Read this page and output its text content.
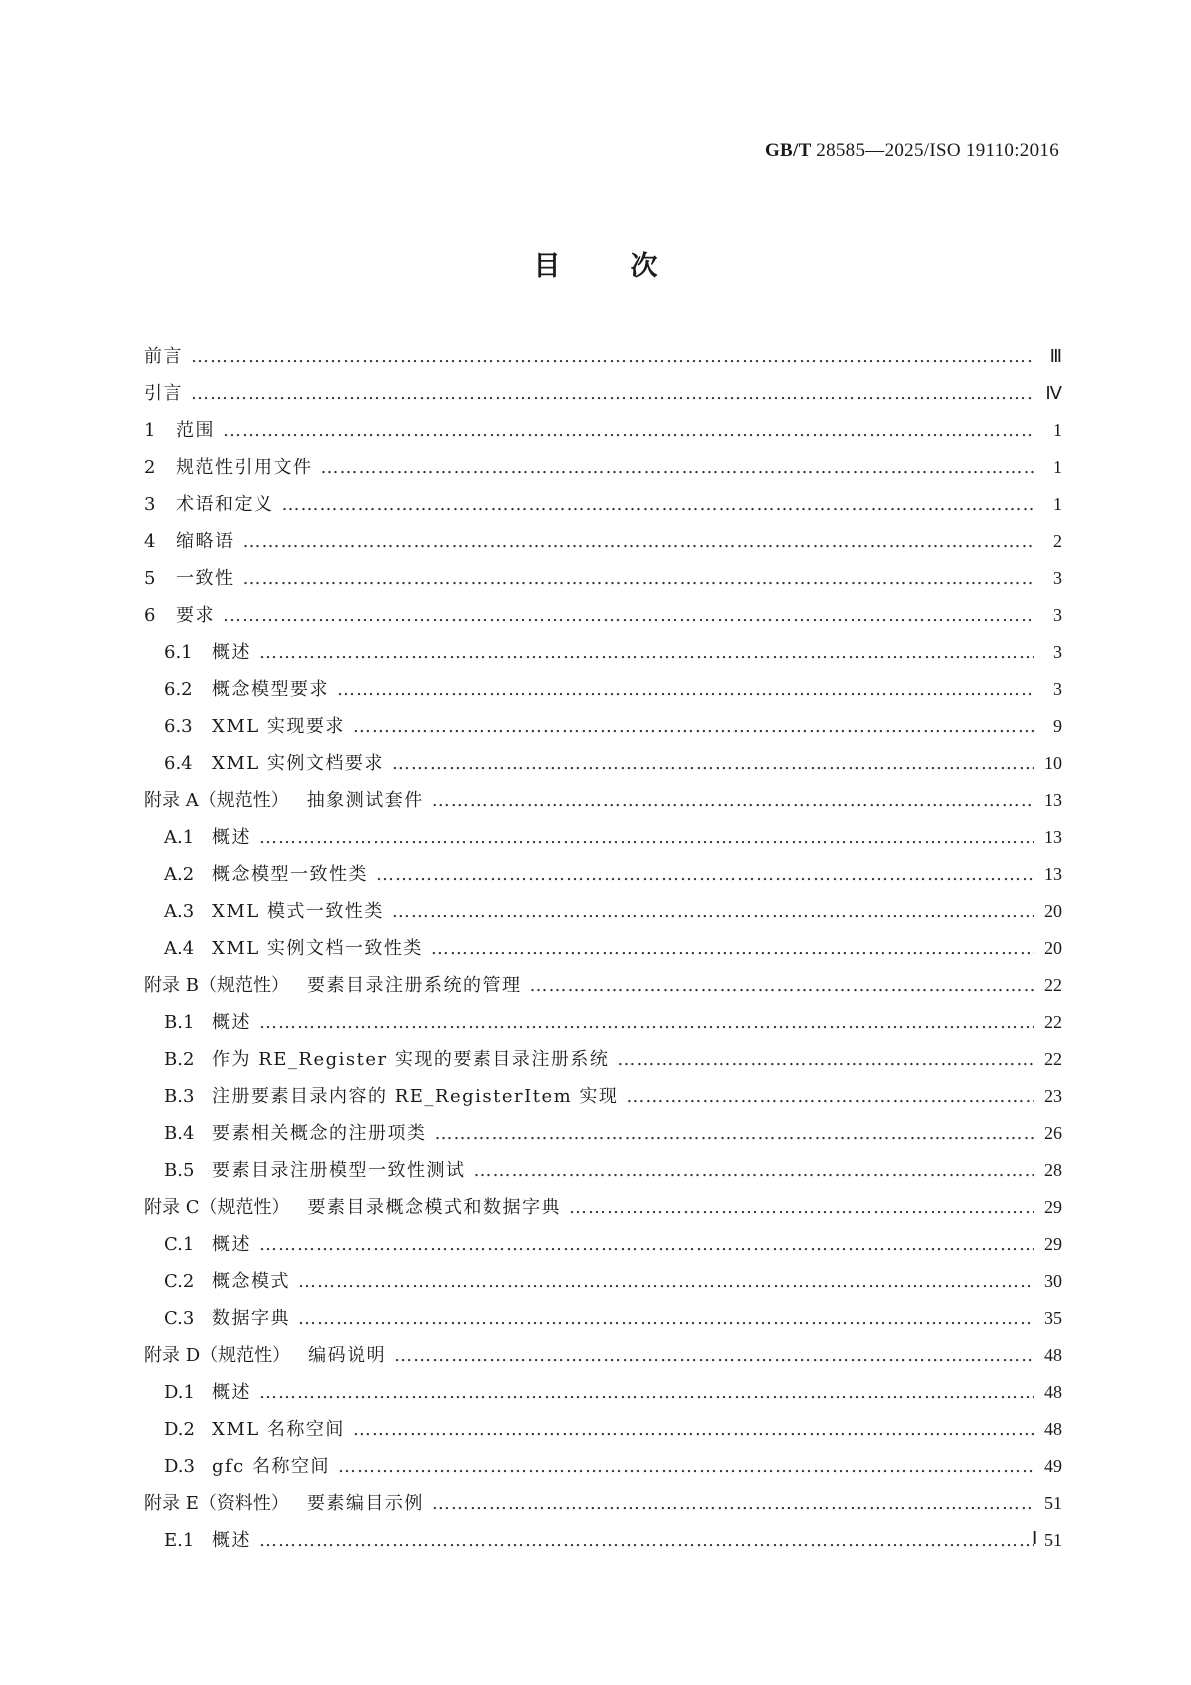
GB/T 28585—2025/ISO 19110:2016
目	次
前言 ……………………………………………………………………………………………………………………………………………………………………………………………………………	Ⅲ
引言 ……………………………………………………………………………………………………………………………………………………………………………………………………………	Ⅳ
1	范围 ……………………………………………………………………………………………………………………………………………………………………………………………………………	1
2	规范性引用文件 ……………………………………………………………………………………………………………………………………………………………………………………………………………	1
3	术语和定义 ……………………………………………………………………………………………………………………………………………………………………………………………………………	1
4	缩略语 ……………………………………………………………………………………………………………………………………………………………………………………………………………	2
5	一致性 ……………………………………………………………………………………………………………………………………………………………………………………………………………	3
6	要求 ……………………………………………………………………………………………………………………………………………………………………………………………………………	3
6.1	概述 ……………………………………………………………………………………………………………………………………………………………………………………………………………	3
6.2	概念模型要求 ……………………………………………………………………………………………………………………………………………………………………………………………………………	3
6.3	XML 实现要求 ……………………………………………………………………………………………………………………………………………………………………………………………………………	9
6.4	XML 实例文档要求 ……………………………………………………………………………………………………………………………………………………………………………………………………………	10
附录 A（规范性） 抽象测试套件 ……………………………………………………………………………………………………………………………………………………………………………………………………………	13
A.1 概述 ……………………………………………………………………………………………………………………………………………………………………………………………………………	13
A.2 概念模型一致性类 ……………………………………………………………………………………………………………………………………………………………………………………………………………	13
A.3 XML 模式一致性类 ……………………………………………………………………………………………………………………………………………………………………………………………………………	20
A.4 XML 实例文档一致性类 ……………………………………………………………………………………………………………………………………………………………………………………………………………	20
附录 B（规范性） 要素目录注册系统的管理 ……………………………………………………………………………………………………………………………………………………………………………………………………………	22
B.1 概述 ……………………………………………………………………………………………………………………………………………………………………………………………………………	22
B.2 作为 RE_Register 实现的要素目录注册系统 ……………………………………………………………………………………………………………………………………………………………………………………………………………	22
B.3 注册要素目录内容的 RE_RegisterItem 实现 ……………………………………………………………………………………………………………………………………………………………………………………………………………	23
B.4 要素相关概念的注册项类 ……………………………………………………………………………………………………………………………………………………………………………………………………………	26
B.5 要素目录注册模型一致性测试 ……………………………………………………………………………………………………………………………………………………………………………………………………………	28
附录 C（规范性） 要素目录概念模式和数据字典 ……………………………………………………………………………………………………………………………………………………………………………………………………………	29
C.1 概述 ……………………………………………………………………………………………………………………………………………………………………………………………………………	29
C.2 概念模式 ……………………………………………………………………………………………………………………………………………………………………………………………………………	30
C.3 数据字典 ……………………………………………………………………………………………………………………………………………………………………………………………………………	35
附录 D（规范性） 编码说明 ……………………………………………………………………………………………………………………………………………………………………………………………………………	48
D.1 概述 ……………………………………………………………………………………………………………………………………………………………………………………………………………	48
D.2 XML 名称空间 ……………………………………………………………………………………………………………………………………………………………………………………………………………	48
D.3 gfc 名称空间 ……………………………………………………………………………………………………………………………………………………………………………………………………………	49
附录 E（资料性） 要素编目示例 ……………………………………………………………………………………………………………………………………………………………………………………………………………	51
E.1 概述 ……………………………………………………………………………………………………………………………………………………………………………………………………………	51
Ⅰ
